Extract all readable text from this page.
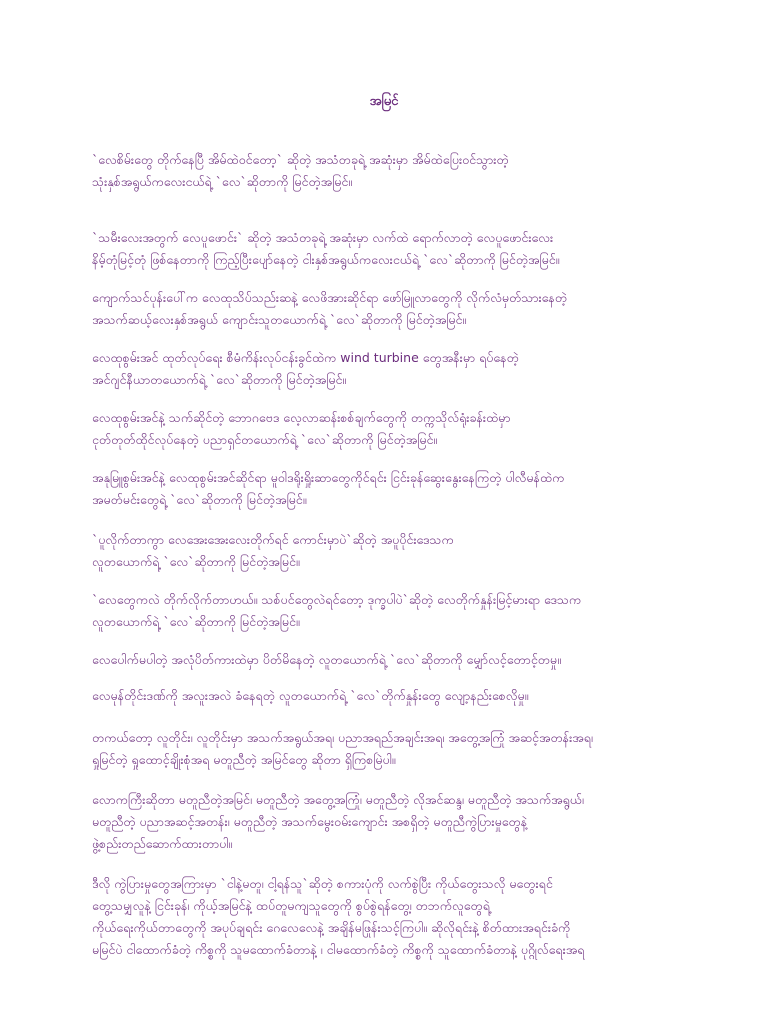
အမြင်
`လေစိမ်းတွေ တိုက်နေပြီ အိမ်ထဲဝင်တော့` ဆိုတဲ့ အသံတခုရဲ့ အဆုံးမှာ အိမ်ထဲပြေးဝင်သွားတဲ့
သုံးနှစ်အရွယ်ကလေးငယ်ရဲ့ `လေ`ဆိုတာကို မြင်တဲ့အမြင်။
`သမီးလေးအတွက် လေပူဖောင်း` ဆိုတဲ့ အသံတခုရဲ့ အဆုံးမှာ လက်ထဲ ရောက်လာတဲ့ လေပူဖောင်းလေး
နိမ့်တုံမြင့်တုံ ဖြစ်နေတာကို ကြည့်ပြီးပျော်နေတဲ့ ငါးနှစ်အရွယ်ကလေးငယ်ရဲ့ `လေ`ဆိုတာကို မြင်တဲ့အမြင်။
ကျောက်သင်ပုန်းပေါ်က လေထုသိပ်သည်းဆနဲ့ လေဖိအားဆိုင်ရာ ဖော်မြူလာတွေကို လိုက်လံမှတ်သားနေတဲ့
အသက်ဆယ့်လေးနှစ်အရွယ် ကျောင်းသူတယောက်ရဲ့ `လေ`ဆိုတာကို မြင်တဲ့အမြင်။
လေထုစွမ်းအင် ထုတ်လုပ်ရေး စီမံကိန်းလုပ်ငန်းခွင်ထဲက wind turbine တွေအနီးမှာ ရပ်နေတဲ့
အင်ဂျင်နီယာတယောက်ရဲ့ `လေ`ဆိုတာကို မြင်တဲ့အမြင်။
လေထုစွမ်းအင်နဲ့ သက်ဆိုင်တဲ့ ဘောဂဗေဒ လေ့လာဆန်းစစ်ချက်တွေကို တက္ကသိုလ်ရုံးခန်းထဲမှာ
ငုတ်တုတ်ထိုင်လုပ်နေတဲ့ ပညာရှင်တယောက်ရဲ့ `လေ`ဆိုတာကို မြင်တဲ့အမြင်။
အနုမြူစွမ်းအင်နဲ့ လေထုစွမ်းအင်ဆိုင်ရာ မူဝါဒရိုးရှိုးဆာတွေကိုင်ရင်း ငြင်းခုန်ဆွေးနွေးနေကြတဲ့ ပါလီမန်ထဲက
အမတ်မင်းတွေရဲ့ `လေ`ဆိုတာကို မြင်တဲ့အမြင်။
`ပူလိုက်တာကွာ လေအေးအေးလေးတိုက်ရင် ကောင်းမှာပဲ`ဆိုတဲ့ အပူပိုင်းဒေသက
လူတယောက်ရဲ့ `လေ`ဆိုတာကို မြင်တဲ့အမြင်။
`လေတွေကလဲ တိုက်လိုက်တာဟယ်။ သစ်ပင်တွေလဲရင်တော့ ဒုက္ခပါပဲ`ဆိုတဲ့ လေတိုက်နှုန်းမြင့်မားရာ ဒေသက
လူတယောက်ရဲ့ `လေ`ဆိုတာကို မြင်တဲ့အမြင်။
လေပေါက်မပါတဲ့ အလုံပိတ်ကားထဲမှာ ပိတ်မိနေတဲ့ လူတယောက်ရဲ့ `လေ`ဆိုတာကို မျှော်လင့်တောင့်တမှု။
လေမုန်တိုင်းဒဏ်ကို အလူးအလဲ ခံနေရတဲ့ လူတယောက်ရဲ့ `လေ`တိုက်နှုန်းတွေ လျော့နည်းစေလိုမှု။
တကယ်တော့ လူတိုင်း၊ လူတိုင်းမှာ အသက်အရွယ်အရ၊ ပညာအရည်အချင်းအရ၊ အတွေ့အကြုံ အဆင့်အတန်းအရ၊
ရှုမြင်တဲ့ ရှုထောင့်ချိုးစုံအရ မတူညီတဲ့ အမြင်တွေ ဆိုတာ ရှိကြစမြဲပါ။
လောကကြီးဆိုတာ မတူညီတဲ့အမြင်၊ မတူညီတဲ့ အတွေ့အကြုံ၊ မတူညီတဲ့ လိုအင်ဆန္ဒ၊ မတူညီတဲ့ အသက်အရွယ်၊
မတူညီတဲ့ ပညာအဆင့်အတန်း၊ မတူညီတဲ့ အသက်မွေးဝမ်းကျောင်း အစရှိတဲ့ မတူညီကွဲပြားမှုတွေနဲ့
ဖွဲ့စည်းတည်ဆောက်ထားတာပါ။
ဒီလို ကွဲပြားမှုတွေအကြားမှာ `ငါနဲ့မတူ၊ ငါ့ရန်သူ`ဆိုတဲ့ စကားပုံကို လက်စွဲပြီး ကိုယ်တွေးသလို မတွေးရင်
တွေ့သမျှလူနဲ့ ငြင်းခုန်၊ ကိုယ့်အမြင်နဲ့ ထပ်တူမကျသူတွေကို စွပ်စွဲရန်တွေ့၊ တဘက်လူတွေရဲ့
ကိုယ်ရေးကိုယ်တာတွေကို အပုပ်ချရင်း ဂေလေလေနဲ့ အချိန်မဖြုန်းသင့်ကြပါ။ ဆိုလိုရင်းနဲ့ စိတ်ထားအရင်းခံကို
မမြင်ပဲ ငါထောက်ခံတဲ့ ကိစ္စကို သူမထောက်ခံတာနဲ့ ၊ ငါမထောက်ခံတဲ့ ကိစ္စကို သူထောက်ခံတာနဲ့ ပုဂ္ဂိုလ်ရေးအရ
